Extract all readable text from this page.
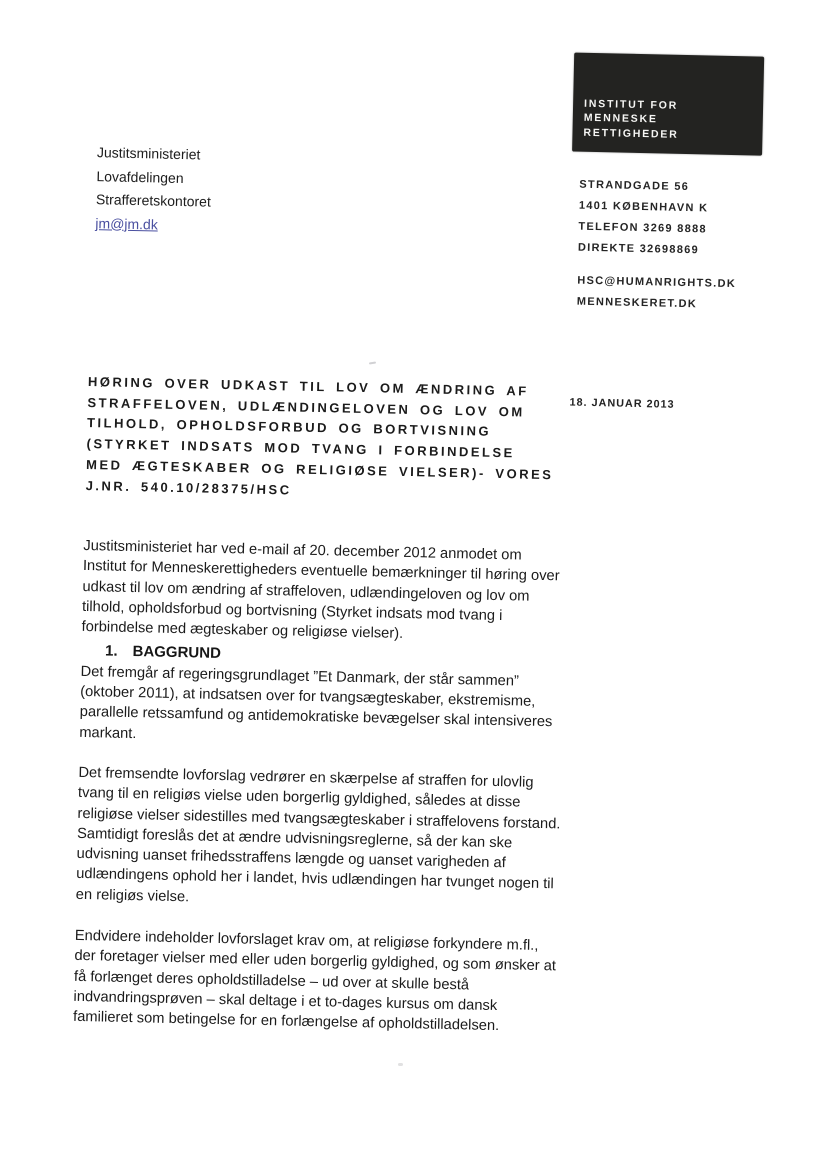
Justitsministeriet
Lovafdelingen
Strafferetskontoret
jm@jm.dk
INSTITUT FOR
MENNESKE
RETTIGHEDER
STRANDGADE 56
1401 KØBENHAVN K
TELEFON 3269 8888
DIREKTE 32698869
HSC@HUMANRIGHTS.DK
MENNESKERET.DK
18. JANUAR 2013
HØRING OVER UDKAST TIL LOV OM ÆNDRING AF
STRAFFELOVEN, UDLÆNDINGELOVEN OG LOV OM
TILHOLD, OPHOLDSFORBUD OG BORTVISNING
(STYRKET INDSATS MOD TVANG I FORBINDELSE
MED ÆGTESKABER OG RELIGIØSE VIELSER)- VORES
J.NR. 540.10/28375/HSC

Justitsministeriet har ved e-mail af 20. december 2012 anmodet om Institut for Menneskerettigheders eventuelle bemærkninger til høring over udkast til lov om ændring af straffeloven, udlændingeloven og lov om tilhold, opholdsforbud og bortvisning (Styrket indsats mod tvang i forbindelse med ægteskaber og religiøse vielser).

1. BAGGRUND

Det fremgår af regeringsgrundlaget ”Et Danmark, der står sammen” (oktober 2011), at indsatsen over for tvangsægteskaber, ekstremisme, parallelle retssamfund og antidemokratiske bevægelser skal intensiveres markant.

Det fremsendte lovforslag vedrører en skærpelse af straffen for ulovlig tvang til en religiøs vielse uden borgerlig gyldighed, således at disse religiøse vielser sidestilles med tvangsægteskaber i straffelovens forstand. Samtidigt foreslås det at ændre udvisningsreglerne, så der kan ske udvisning uanset frihedsstraffens længde og uanset varigheden af udlændingens ophold her i landet, hvis udlændingen har tvunget nogen til en religiøs vielse.

Endvidere indeholder lovforslaget krav om, at religiøse forkyndere m.fl., der foretager vielser med eller uden borgerlig gyldighed, og som ønsker at få forlænget deres opholdstilladelse – ud over at skulle bestå indvandringsprøven – skal deltage i et to-dages kursus om dansk familieret som betingelse for en forlængelse af opholdstilladelsen.
